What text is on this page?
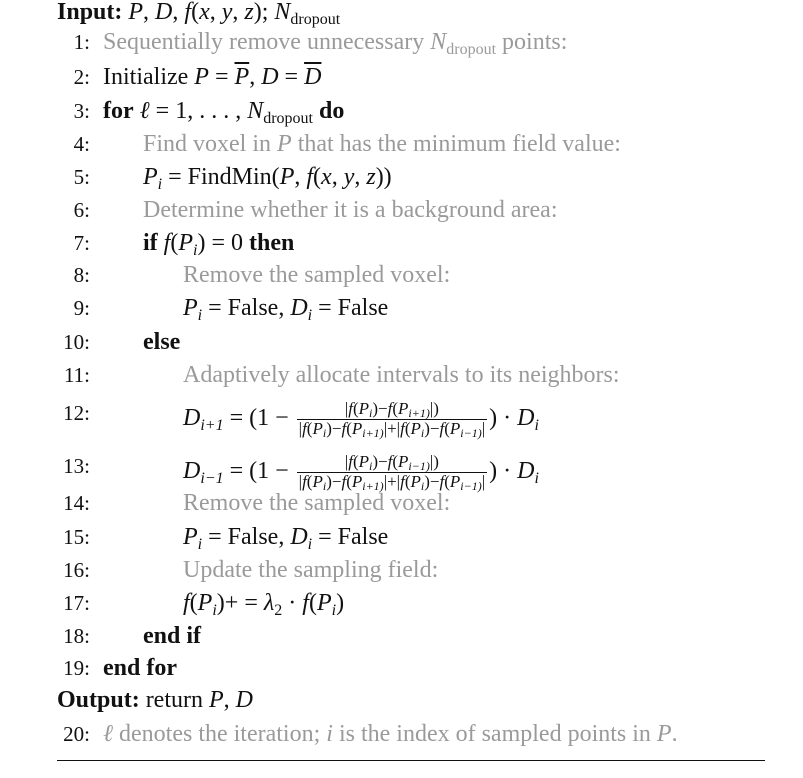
Input: P, D, f(x, y, z); $N_{dropout}$
1: Sequentially remove unnecessary $N_{dropout}$ points:
2: Initialize $P = \overline{P}$, $D = \overline{D}$
3: for ℓ = 1, . . . , $N_{dropout}$ do
4: Find voxel in P that has the minimum field value:
5: $P_i$ = FindMin(P, f(x, y, z))
6: Determine whether it is a background area:
7: if $f(P_i) = 0$ then
8:	Remove the sampled voxel:
9:	$P_i$ = False, $D_i$ = False
10: else
11:	Adaptively allocate intervals to its neighbors:
12:	$D_{i+1} = (1 - \frac{|f(Pi)-f(Pi+1)|)}{|f(Pi)-f(Pi+1)|+|f(Pi)-f(Pi-1)|}$ ) · $D_i$
13:	$D_{i-1} = (1 - \frac{|f(Pi)-f(Pi-1)|)}{|f(Pi)-f(Pi+1)|+|f(Pi)-f(Pi-1)|}$ ) · $D_i$
14:	Remove the sampled voxel:
15:	$P_i$ = False, $D_i$ = False
16:	Update the sampling field:
17:	$f(P_i)+ = \lambda_2 \cdot f(P_i)$
18: end if
19: end for
Output: return P, D
20: ℓ denotes the iteration; i is the index of sampled points in P.
